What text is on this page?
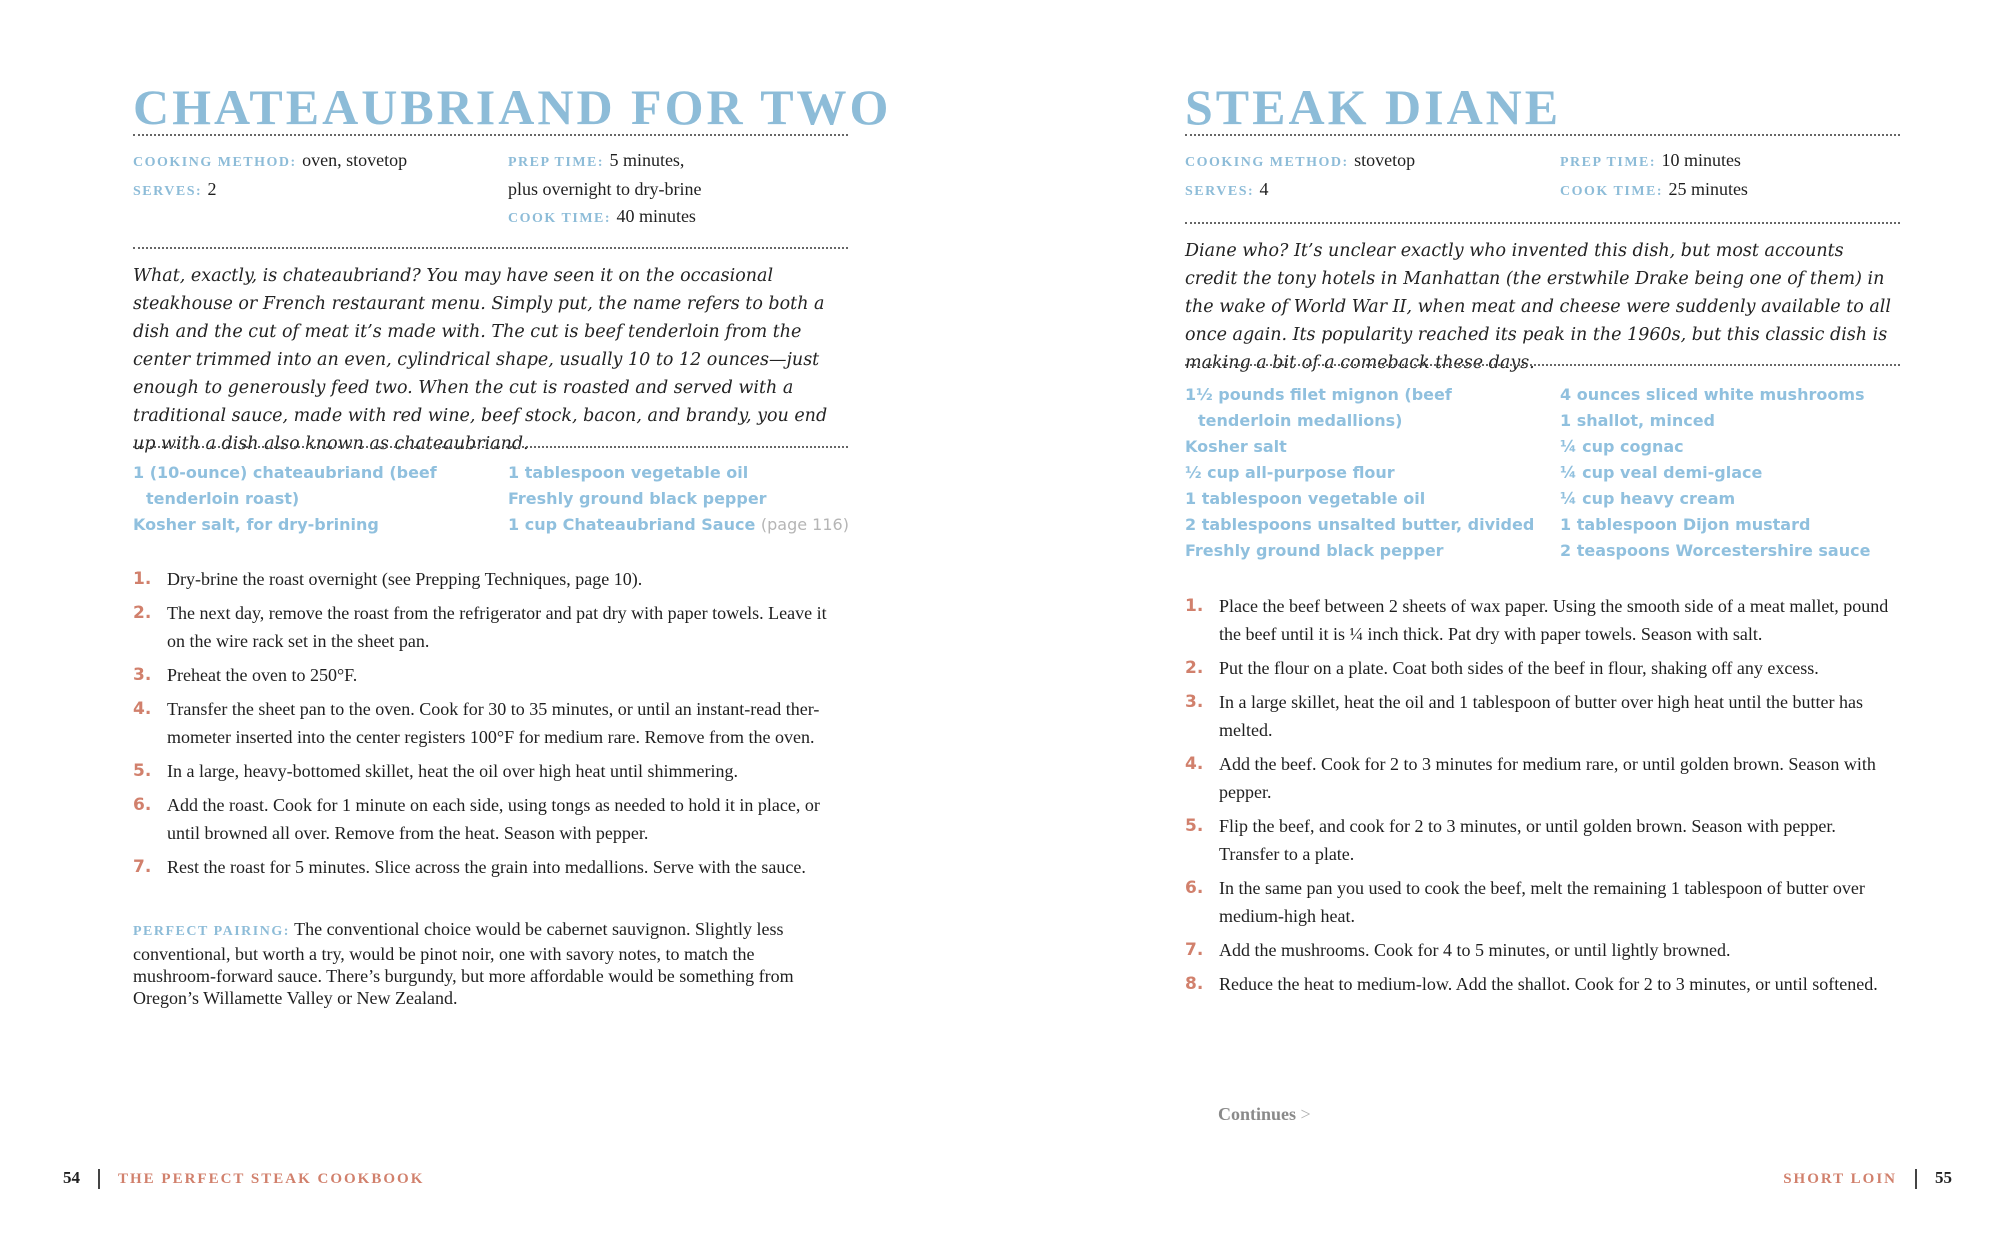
CHATEAUBRIAND FOR TWO
COOKING METHOD: oven, stovetop
SERVES: 2
PREP TIME: 5 minutes,
plus overnight to dry-brine
COOK TIME: 40 minutes

What, exactly, is chateaubriand? You may have seen it on the occasional steakhouse or French restaurant menu. Simply put, the name refers to both a dish and the cut of meat it’s made with. The cut is beef tenderloin from the center trimmed into an even, cylindrical shape, usually 10 to 12 ounces—just enough to generously feed two. When the cut is roasted and served with a traditional sauce, made with red wine, beef stock, bacon, and brandy, you end up with a dish also known as chateaubriand.

1 (10-ounce) chateaubriand (beef
tenderloin roast)
Kosher salt, for dry-brining
1 tablespoon vegetable oil
Freshly ground black pepper
1 cup Chateaubriand Sauce (page 116)
1. Dry-brine the roast overnight (see Prepping Techniques, page 10).
2. The next day, remove the roast from the refrigerator and pat dry with paper towels. Leave it on the wire rack set in the sheet pan.
3. Preheat the oven to 250°F.
4. Transfer the sheet pan to the oven. Cook for 30 to 35 minutes, or until an instant-read ther-mometer inserted into the center registers 100°F for medium rare. Remove from the oven.
5. In a large, heavy-bottomed skillet, heat the oil over high heat until shimmering.
6. Add the roast. Cook for 1 minute on each side, using tongs as needed to hold it in place, or until browned all over. Remove from the heat. Season with pepper.
7. Rest the roast for 5 minutes. Slice across the grain into medallions. Serve with the sauce.

PERFECT PAIRING: The conventional choice would be cabernet sauvignon. Slightly less conventional, but worth a try, would be pinot noir, one with savory notes, to match the mushroom-forward sauce. There’s burgundy, but more affordable would be something from Oregon’s Willamette Valley or New Zealand.

54	THE PERFECT STEAK COOKBOOK
STEAK DIANE
COOKING METHOD: stovetop
SERVES: 4
PREP TIME: 10 minutes
COOK TIME: 25 minutes

Diane who? It’s unclear exactly who invented this dish, but most accounts credit the tony hotels in Manhattan (the erstwhile Drake being one of them) in the wake of World War II, when meat and cheese were suddenly available to all once again. Its popularity reached its peak in the 1960s, but this classic dish is making a bit of a comeback these days.

1½ pounds filet mignon (beef
tenderloin medallions)
Kosher salt
½ cup all-purpose flour
1 tablespoon vegetable oil
2 tablespoons unsalted butter, divided
Freshly ground black pepper
4 ounces sliced white mushrooms
1 shallot, minced
¼ cup cognac
¼ cup veal demi-glace
¼ cup heavy cream
1 tablespoon Dijon mustard
2 teaspoons Worcestershire sauce
1. Place the beef between 2 sheets of wax paper. Using the smooth side of a meat mallet, pound the beef until it is ¼ inch thick. Pat dry with paper towels. Season with salt.
2. Put the flour on a plate. Coat both sides of the beef in flour, shaking off any excess.
3. In a large skillet, heat the oil and 1 tablespoon of butter over high heat until the butter has melted.
4. Add the beef. Cook for 2 to 3 minutes for medium rare, or until golden brown. Season with pepper.
5. Flip the beef, and cook for 2 to 3 minutes, or until golden brown. Season with pepper. Transfer to a plate.
6. In the same pan you used to cook the beef, melt the remaining 1 tablespoon of butter over medium-high heat.
7. Add the mushrooms. Cook for 4 to 5 minutes, or until lightly browned.
8. Reduce the heat to medium-low. Add the shallot. Cook for 2 to 3 minutes, or until softened.
Continues >
SHORT LOIN 55
